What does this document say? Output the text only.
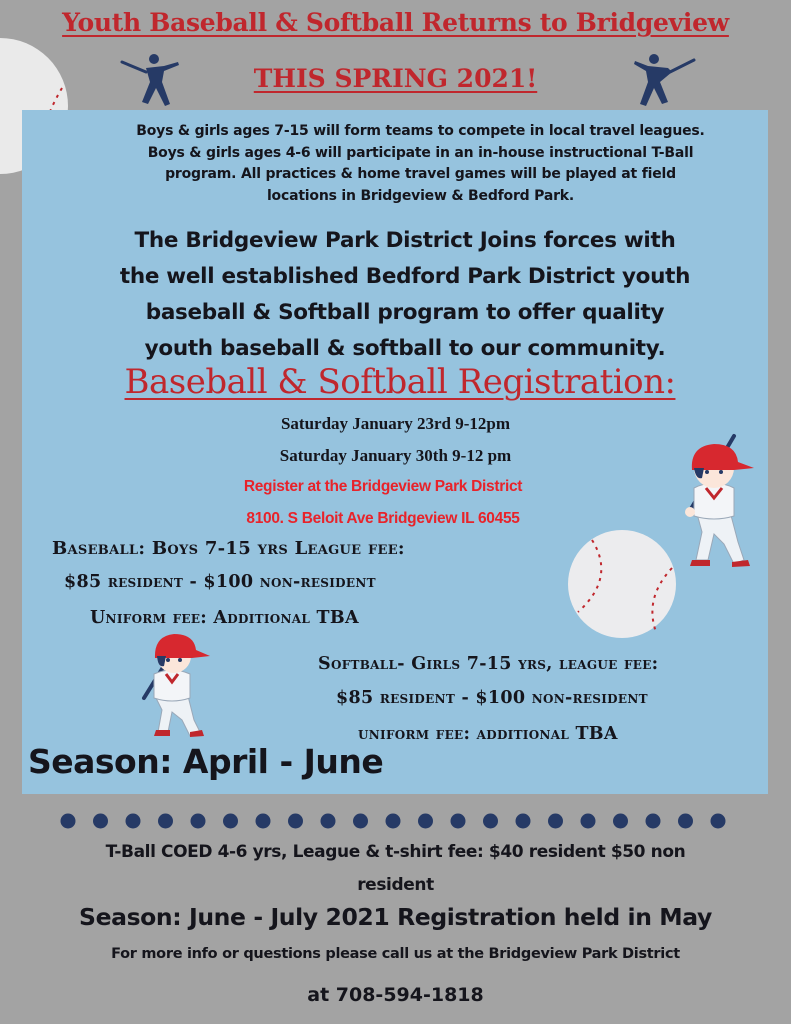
Youth Baseball & Softball Returns to Bridgeview
THIS SPRING 2021!
Boys & girls ages 7-15 will form teams to compete in local travel leagues.
Boys & girls ages 4-6 will participate in an in-house instructional T-Ball
program. All practices & home travel games will be played at field
locations in Bridgeview & Bedford Park.
The Bridgeview Park District Joins forces with
the well established Bedford Park District youth
baseball & Softball program to offer quality
youth baseball & softball to our community.
Baseball & Softball Registration:
Saturday January 23rd 9-12pm
Saturday January 30th 9-12 pm
Register at the Bridgeview Park District
8100. S Beloit Ave Bridgeview IL 60455
Baseball: Boys 7-15 yrs League fee:
$85 resident - $100 non-resident
Uniform fee: Additional TBA
Softball- Girls 7-15 yrs, league fee:
$85 resident - $100 non-resident
uniform fee: additional TBA
Season: April - June
T-Ball COED 4-6 yrs, League & t-shirt fee: $40 resident $50 non
resident
Season: June - July 2021 Registration held in May
For more info or questions please call us at the Bridgeview Park District
at 708-594-1818
